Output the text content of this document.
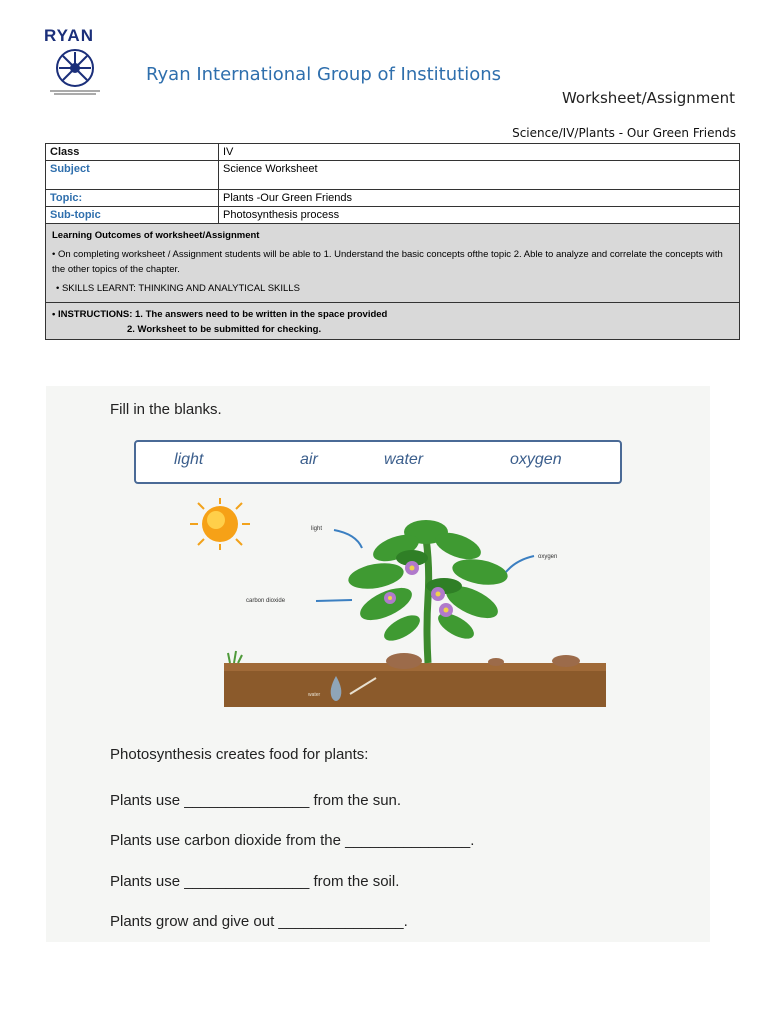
RYAN
Ryan International Group of Institutions
Worksheet/Assignment
Science/IV/Plants - Our Green Friends
Class	IV
Subject	Science Worksheet
Topic:	Plants -Our Green Friends
Sub-topic	Photosynthesis process

Learning Outcomes of worksheet/Assignment
• On completing worksheet / Assignment students will be able to 1. Understand the basic concepts ofthe topic 2. Able to analyze and correlate the concepts with the other topics of the chapter.
• SKILLS LEARNT: THINKING AND ANALYTICAL SKILLS	

• INSTRUCTIONS: 1. The answers need to be written in the space provided
2. Worksheet to be submitted for checking.	
Fill in the blanks.
light	air	water	oxygen
light
carbon dioxide
oxygen
water
Photosynthesis creates food for plants:
Plants use _______________ from the sun.
Plants use carbon dioxide from the _______________.
Plants use _______________ from the soil.
Plants grow and give out _______________.
